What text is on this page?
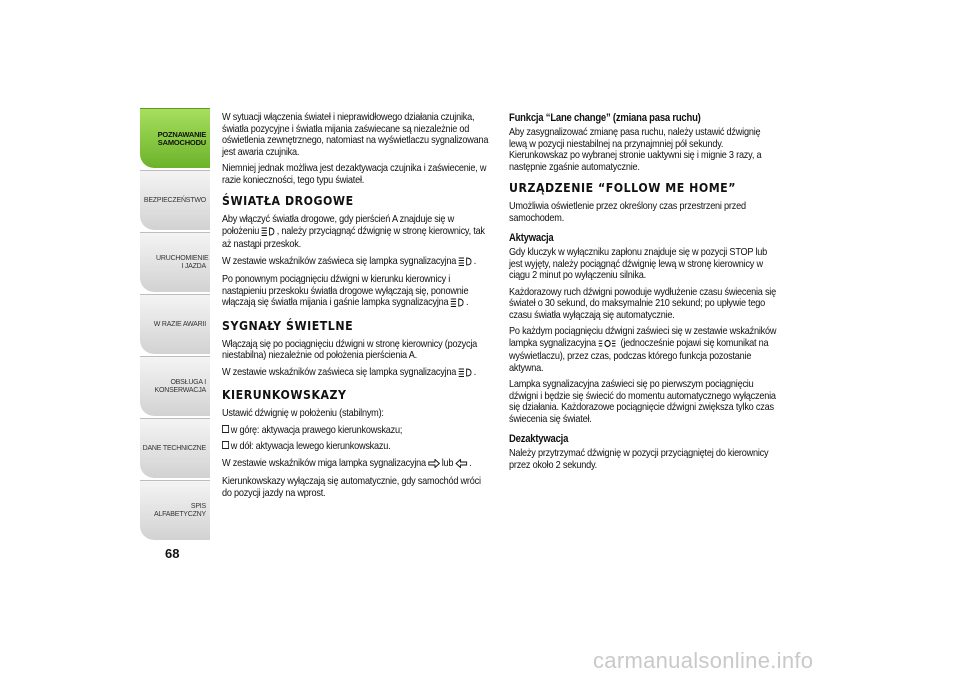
POZNAWANIE SAMOCHODU
BEZPIECZEŃSTWO
URUCHOMIENIE I JAZDA
W RAZIE AWARII
OBSŁUGA I KONSERWACJA
DANE TECHNICZNE
SPIS ALFABETYCZNY
68

W sytuacji włączenia świateł i nieprawidłowego działania czujnika, światła pozycyjne i światła mijania zaświecane są niezależnie od oświetlenia zewnętrznego, natomiast na wyświetlaczu sygnalizowana jest awaria czujnika.

Niemniej jednak możliwa jest dezaktywacja czujnika i zaświecenie, w razie konieczności, tego typu świateł.

ŚWIATŁA DROGOWE

Aby włączyć światła drogowe, gdy pierścień A znajduje się w położeniu , należy przyciągnąć dźwignię w stronę kierownicy, tak aż nastąpi przeskok.

W zestawie wskaźników zaświeca się lampka sygnalizacyjna .

Po ponownym pociągnięciu dźwigni w kierunku kierownicy i nastąpieniu przeskoku światła drogowe wyłączają się, ponownie włączają się światła mijania i gaśnie lampka sygnalizacyjna .

SYGNAŁY ŚWIETLNE

Włączają się po pociągnięciu dźwigni w stronę kierownicy (pozycja niestabilna) niezależnie od położenia pierścienia A.

W zestawie wskaźników zaświeca się lampka sygnalizacyjna .

KIERUNKOWSKAZY

Ustawić dźwignię w położeniu (stabilnym):

w górę: aktywacja prawego kierunkowskazu;

w dół: aktywacja lewego kierunkowskazu.

W zestawie wskaźników miga lampka sygnalizacyjna lub .

Kierunkowskazy wyłączają się automatycznie, gdy samochód wróci do pozycji jazdy na wprost.

Funkcja “Lane change” (zmiana pasa ruchu)

Aby zasygnalizować zmianę pasa ruchu, należy ustawić dźwignię lewą w pozycji niestabilnej na przynajmniej pół sekundy. Kierunkowskaz po wybranej stronie uaktywni się i mignie 3 razy, a następnie zgaśnie automatycznie.

URZĄDZENIE “FOLLOW ME HOME”

Umożliwia oświetlenie przez określony czas przestrzeni przed samochodem.

Aktywacja

Gdy kluczyk w wyłączniku zapłonu znajduje się w pozycji STOP lub jest wyjęty, należy pociągnąć dźwignię lewą w stronę kierownicy w ciągu 2 minut po wyłączeniu silnika.

Każdorazowy ruch dźwigni powoduje wydłużenie czasu świecenia się świateł o 30 sekund, do maksymalnie 210 sekund; po upływie tego czasu światła wyłączają się automatycznie.

Po każdym pociągnięciu dźwigni zaświeci się w zestawie wskaźników lampka sygnalizacyjna (jednocześnie pojawi się komunikat na wyświetlaczu), przez czas, podczas którego funkcja pozostanie aktywna.

Lampka sygnalizacyjna zaświeci się po pierwszym pociągnięciu dźwigni i będzie się świecić do momentu automatycznego wyłączenia się działania. Każdorazowe pociągnięcie dźwigni zwiększa tylko czas świecenia się świateł.

Dezaktywacja

Należy przytrzymać dźwignię w pozycji przyciągniętej do kierownicy przez około 2 sekundy.

carmanualsonline.info
